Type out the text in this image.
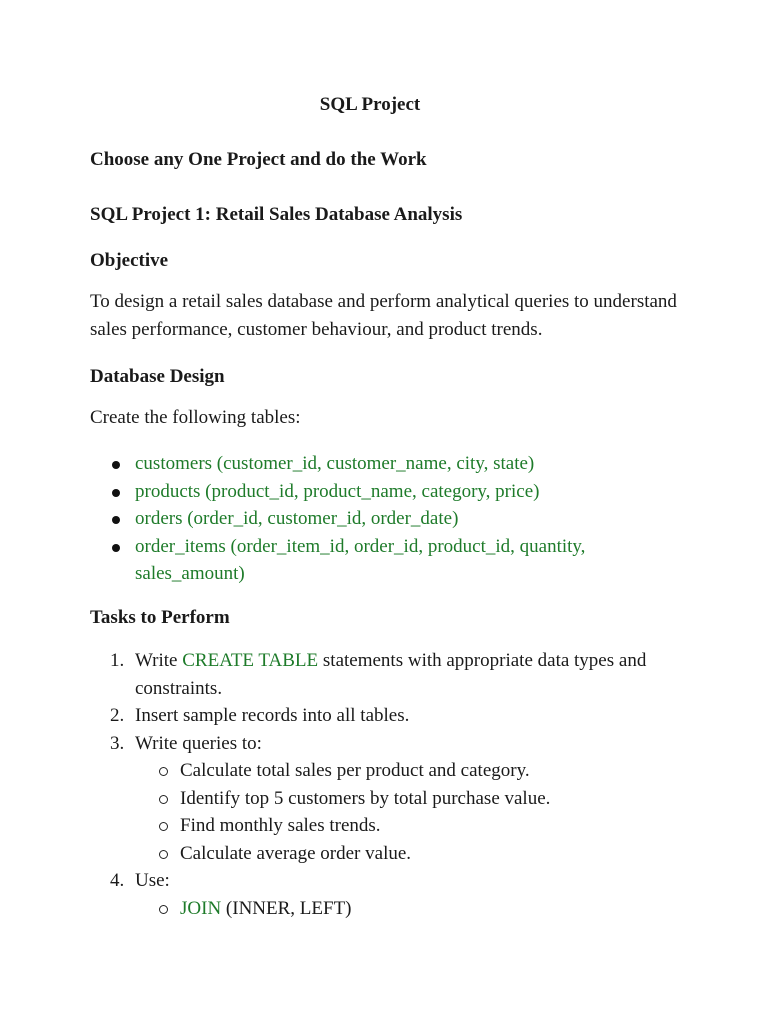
SQL Project
Choose any One Project and do the Work
SQL Project 1: Retail Sales Database Analysis
Objective

To design a retail sales database and perform analytical queries to understand sales performance, customer behaviour, and product trends.

Database Design

Create the following tables:

customers (customer_id, customer_name, city, state)
products (product_id, product_name, category, price)
orders (order_id, customer_id, order_date)
order_items (order_item_id, order_id, product_id, quantity, sales_amount)
Tasks to Perform
1. Write CREATE TABLE statements with appropriate data types and constraints.
2. Insert sample records into all tables.
3. Write queries to:
Calculate total sales per product and category.
Identify top 5 customers by total purchase value.
Find monthly sales trends.
Calculate average order value.
4. Use:
JOIN (INNER, LEFT)
